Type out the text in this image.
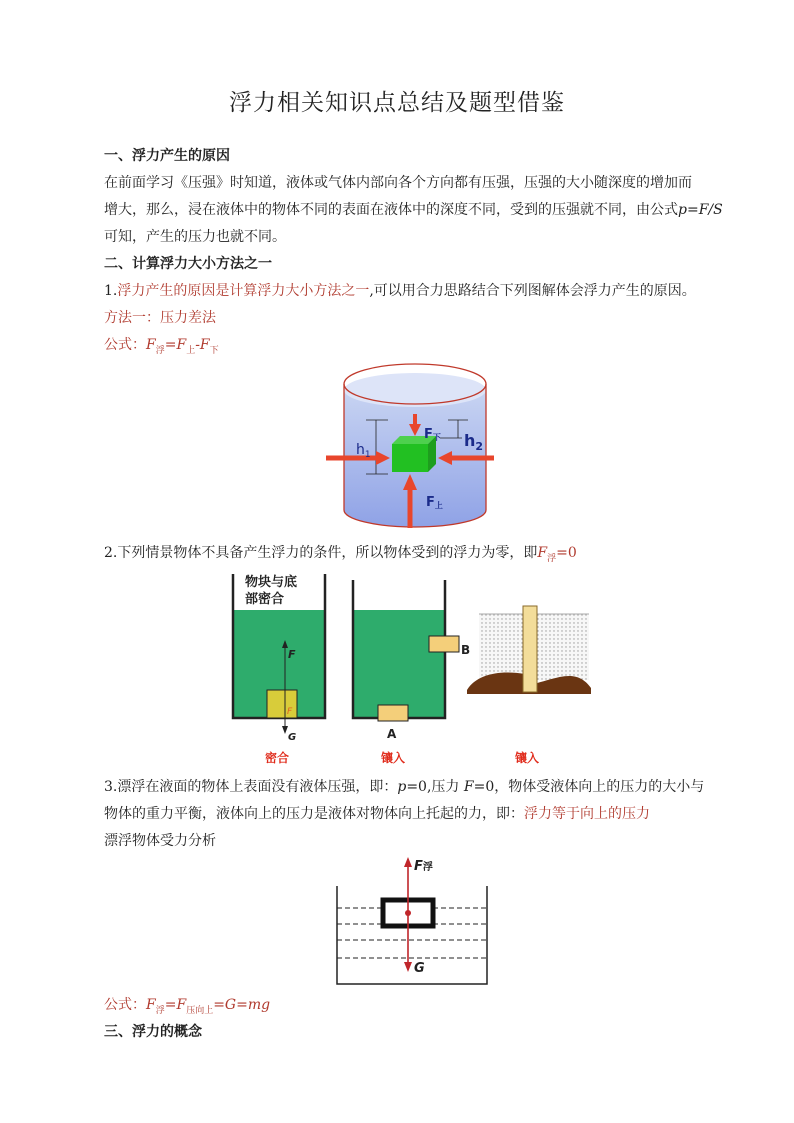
浮力相关知识点总结及题型借鉴
一、浮力产生的原因
在前面学习《压强》时知道，液体或气体内部向各个方向都有压强，压强的大小随深度的增加而
增大，那么，浸在液体中的物体不同的表面在液体中的深度不同，受到的压强就不同，由公式p=F/S
可知，产生的压力也就不同。
二、计算浮力大小方法之一
1.浮力产生的原因是计算浮力大小方法之一,可以用合力思路结合下列图解体会浮力产生的原因。
方法一：压力差法
公式：$F_浮=F_上-F_下$
$h_1$
$h_2$
F下
F上
2.下列情景物体不具备产生浮力的条件，所以物体受到的浮力为零，即$F_浮=0$
物块与底
部密合
F
F
G
密合
B
A
镶入	镶入
3.漂浮在液面的物体上表面没有液体压强，即：p=0,压力 F=0，物体受液体向上的压力的大小与
物体的重力平衡，液体向上的压力是液体对物体向上托起的力，即：浮力等于向上的压力
漂浮物体受力分析
F浮
G
公式：$F_浮=F_{压向上}=G=mg$
三、浮力的概念
